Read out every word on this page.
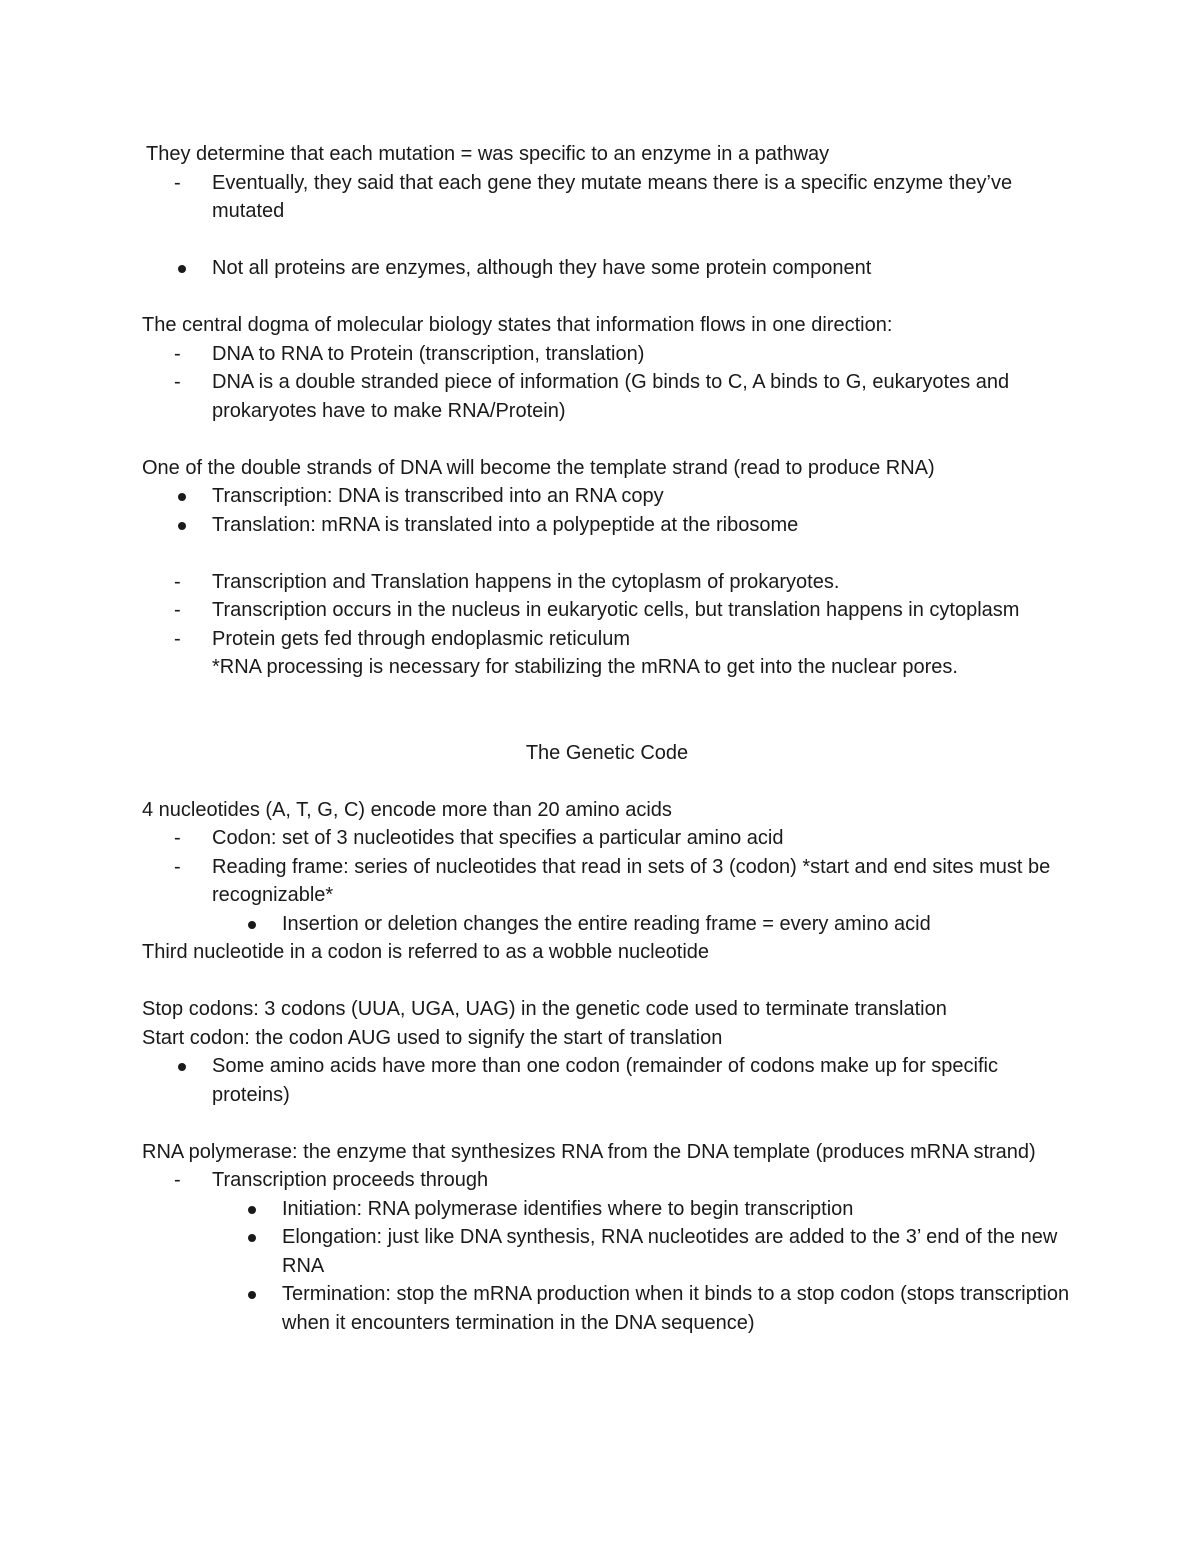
They determine that each mutation = was specific to an enzyme in a pathway
-
Eventually, they said that each gene they mutate means there is a specific enzyme they’ve mutated
Not all proteins are enzymes, although they have some protein component
The central dogma of molecular biology states that information flows in one direction:
-
DNA to RNA to Protein (transcription, translation)
-
DNA is a double stranded piece of information (G binds to C, A binds to G, eukaryotes and prokaryotes have to make RNA/Protein)
One of the double strands of DNA will become the template strand (read to produce RNA)
Transcription: DNA is transcribed into an RNA copy
Translation: mRNA is translated into a polypeptide at the ribosome
-
Transcription and Translation happens in the cytoplasm of prokaryotes.
-
Transcription occurs in the nucleus in eukaryotic cells, but translation happens in cytoplasm
-
Protein gets fed through endoplasmic reticulum
*RNA processing is necessary for stabilizing the mRNA to get into the nuclear pores.
The Genetic Code
4 nucleotides (A, T, G, C) encode more than 20 amino acids
-
Codon: set of 3 nucleotides that specifies a particular amino acid
-
Reading frame: series of nucleotides that read in sets of 3 (codon) *start and end sites must be recognizable*
Insertion or deletion changes the entire reading frame = every amino acid
Third nucleotide in a codon is referred to as a wobble nucleotide
Stop codons: 3 codons (UUA, UGA, UAG) in the genetic code used to terminate translation
Start codon: the codon AUG used to signify the start of translation
Some amino acids have more than one codon (remainder of codons make up for specific proteins)
RNA polymerase: the enzyme that synthesizes RNA from the DNA template (produces mRNA strand)
-
Transcription proceeds through
Initiation: RNA polymerase identifies where to begin transcription
Elongation: just like DNA synthesis, RNA nucleotides are added to the 3’ end of the new RNA
Termination: stop the mRNA production when it binds to a stop codon (stops transcription when it encounters termination in the DNA sequence)
